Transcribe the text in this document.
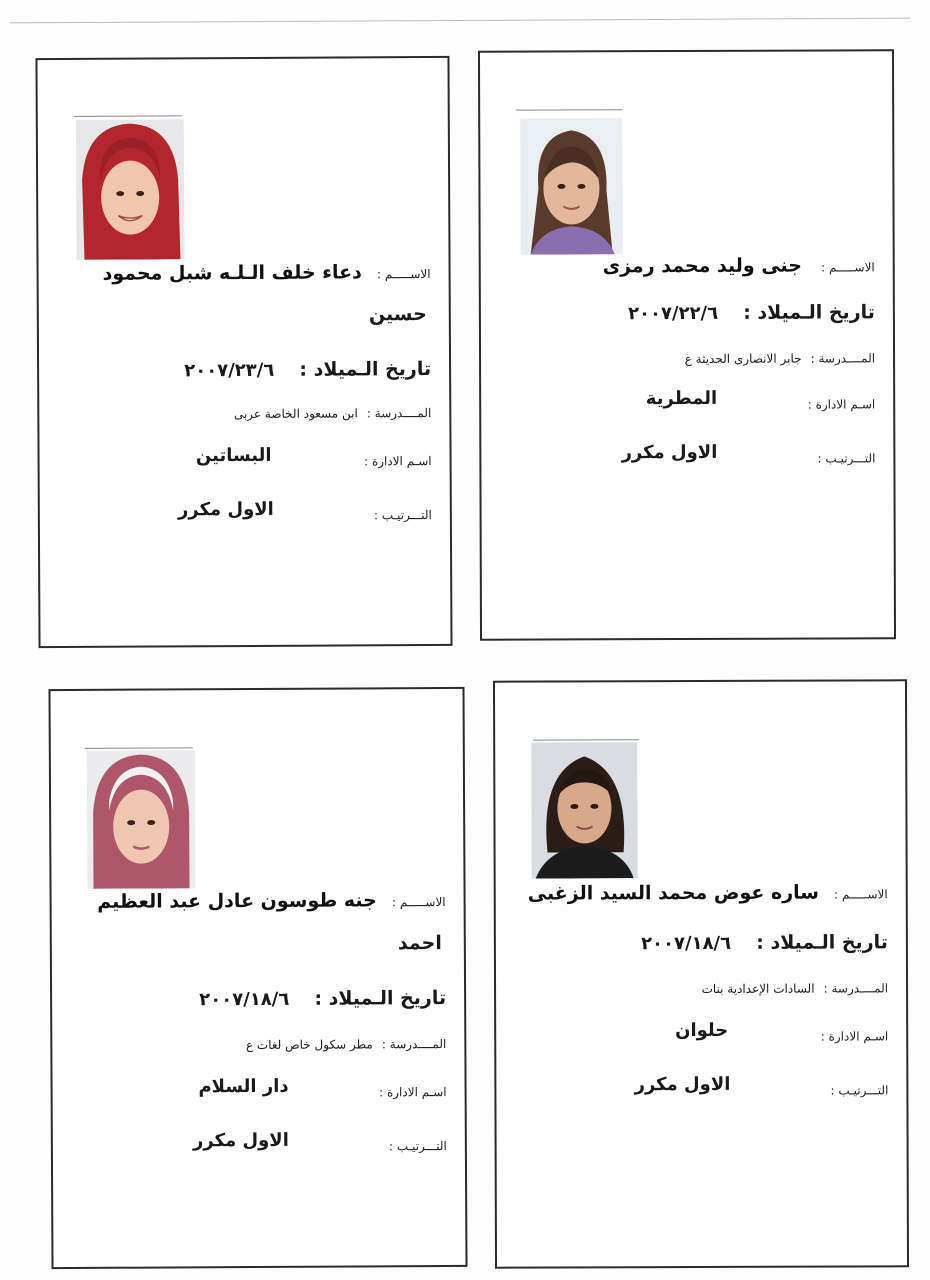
الاســـــم : جنى وليد محمد رمزى
تاريخ الـميلاد : ٢٠٠٧/٢٢/٦
المــــدرسة : جابر الانصارى الحديثة ع
اسـم الادارة :
المطرية
التـــرتيـب :
الاول مكرر
الاســـــم : دعاء خلف الـلـه شبل محمود
حسين
تاريخ الـميلاد : ٢٠٠٧/٢٣/٦
المــــدرسة : ابن مسعود الخاصة عربى
اسـم الادارة :
البساتين
التـــرتيـب :
الاول مكرر
الاســـــم : ساره عوض محمد السيد الزغبى
تاريخ الـميلاد : ٢٠٠٧/١٨/٦
المــــدرسة : السادات الإعدادية بنات
اسـم الادارة :
حلوان
التـــرتيـب :
الاول مكرر
الاســـــم : جنه طوسون عادل عبد العظيم
احمد
تاريخ الـميلاد : ٢٠٠٧/١٨/٦
المــــدرسة : مطر سكول خاص لغات ع
اسـم الادارة :
دار السلام
التـــرتيـب :
الاول مكرر
